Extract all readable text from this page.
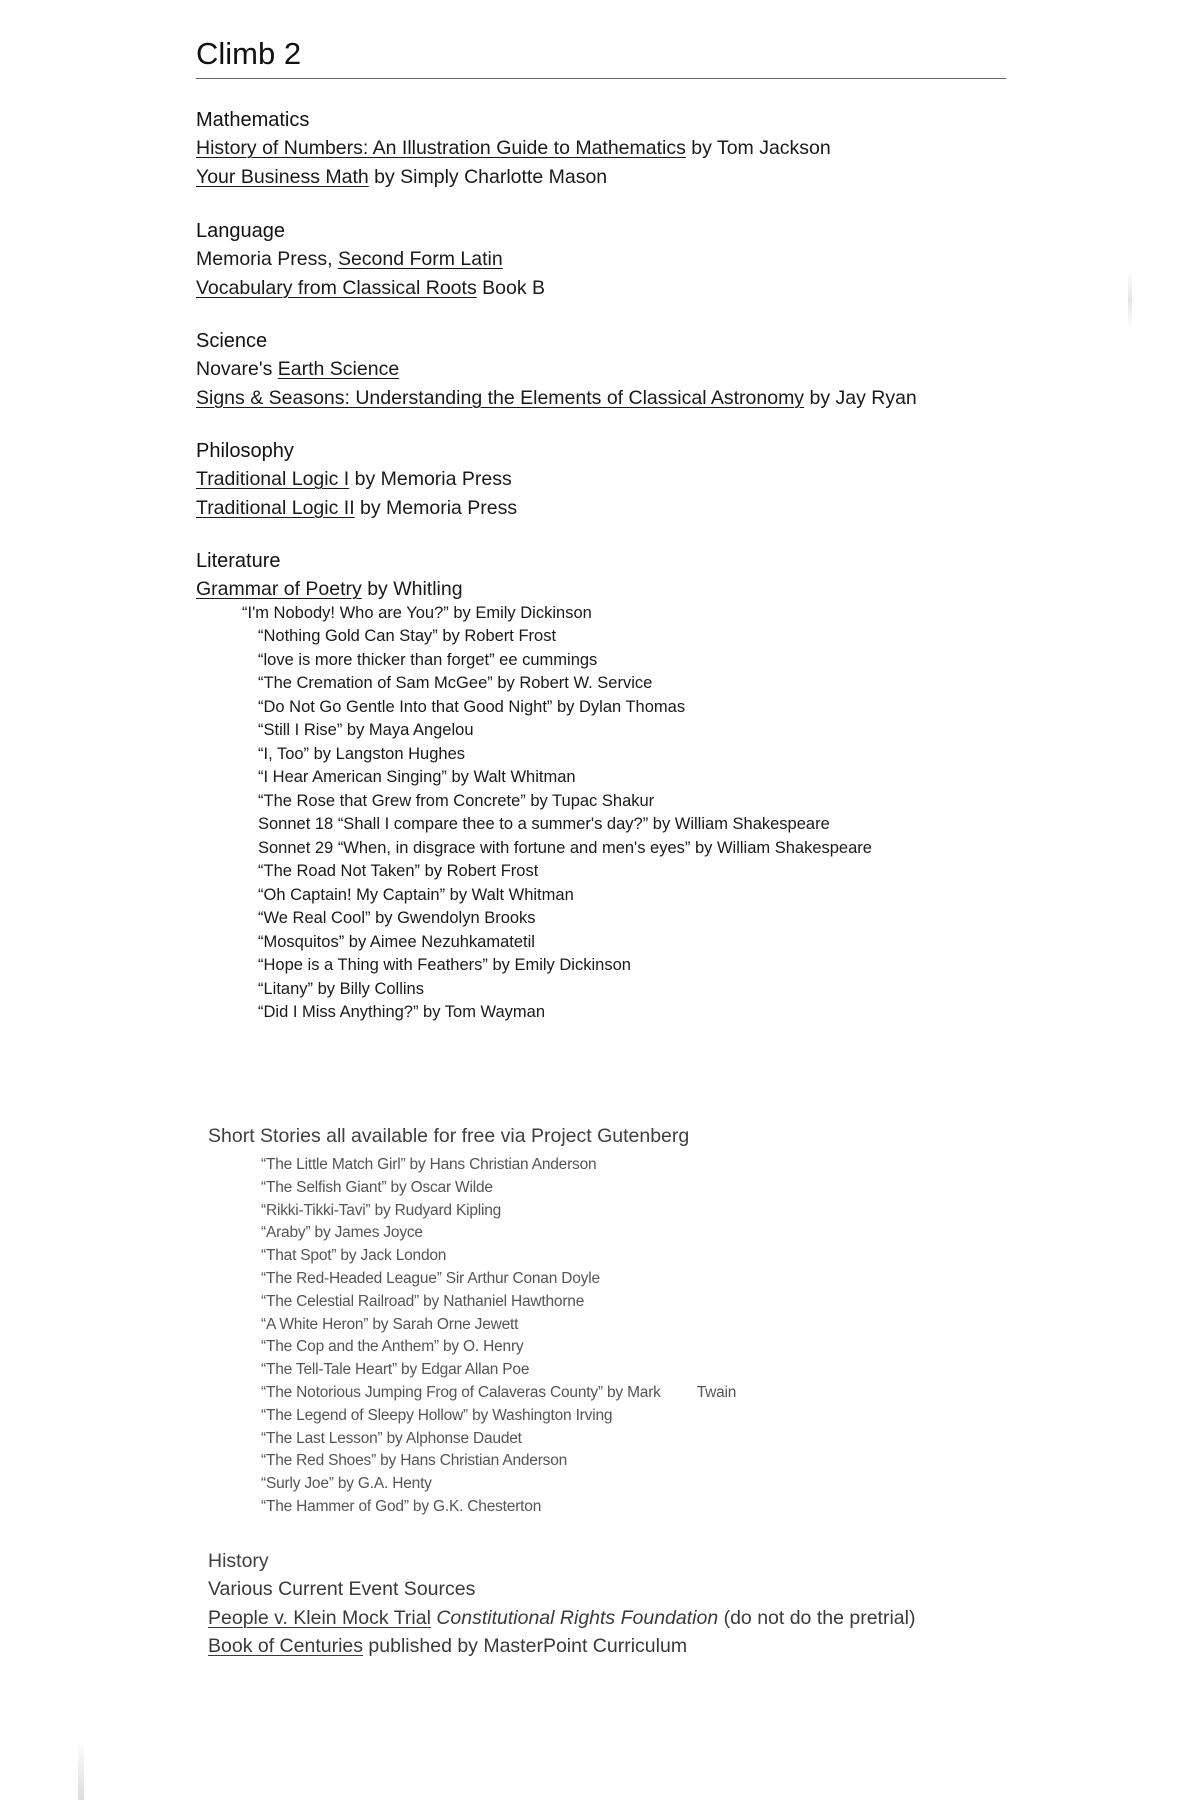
Climb 2
Mathematics
History of Numbers: An Illustration Guide to Mathematics by Tom Jackson
Your Business Math by Simply Charlotte Mason
Language
Memoria Press, Second Form Latin
Vocabulary from Classical Roots Book B
Science
Novare's Earth Science
Signs & Seasons: Understanding the Elements of Classical Astronomy by Jay Ryan
Philosophy
Traditional Logic I by Memoria Press
Traditional Logic II by Memoria Press
Literature
Grammar of Poetry by Whitling
“I'm Nobody! Who are You?” by Emily Dickinson
“Nothing Gold Can Stay” by Robert Frost
“love is more thicker than forget” ee cummings
“The Cremation of Sam McGee” by Robert W. Service
“Do Not Go Gentle Into that Good Night” by Dylan Thomas
“Still I Rise” by Maya Angelou
“I, Too” by Langston Hughes
“I Hear American Singing” by Walt Whitman
“The Rose that Grew from Concrete” by Tupac Shakur
Sonnet 18 “Shall I compare thee to a summer's day?” by William Shakespeare
Sonnet 29 “When, in disgrace with fortune and men's eyes” by William Shakespeare
“The Road Not Taken” by Robert Frost
“Oh Captain! My Captain” by Walt Whitman
“We Real Cool” by Gwendolyn Brooks
“Mosquitos” by Aimee Nezuhkamatetil
“Hope is a Thing with Feathers” by Emily Dickinson
“Litany” by Billy Collins
“Did I Miss Anything?” by Tom Wayman
Short Stories all available for free via Project Gutenberg
“The Little Match Girl” by Hans Christian Anderson
“The Selfish Giant” by Oscar Wilde
“Rikki-Tikki-Tavi” by Rudyard Kipling
“Araby” by James Joyce
“That Spot” by Jack London
“The Red-Headed League” Sir Arthur Conan Doyle
“The Celestial Railroad” by Nathaniel Hawthorne
“A White Heron” by Sarah Orne Jewett
“The Cop and the Anthem” by O. Henry
“The Tell-Tale Heart” by Edgar Allan Poe
“The Notorious Jumping Frog of Calaveras County” by Mark Twain
“The Legend of Sleepy Hollow” by Washington Irving
“The Last Lesson” by Alphonse Daudet
“The Red Shoes” by Hans Christian Anderson
“Surly Joe” by G.A. Henty
“The Hammer of God” by G.K. Chesterton
History
Various Current Event Sources
People v. Klein Mock Trial Constitutional Rights Foundation (do not do the pretrial)
Book of Centuries published by MasterPoint Curriculum
